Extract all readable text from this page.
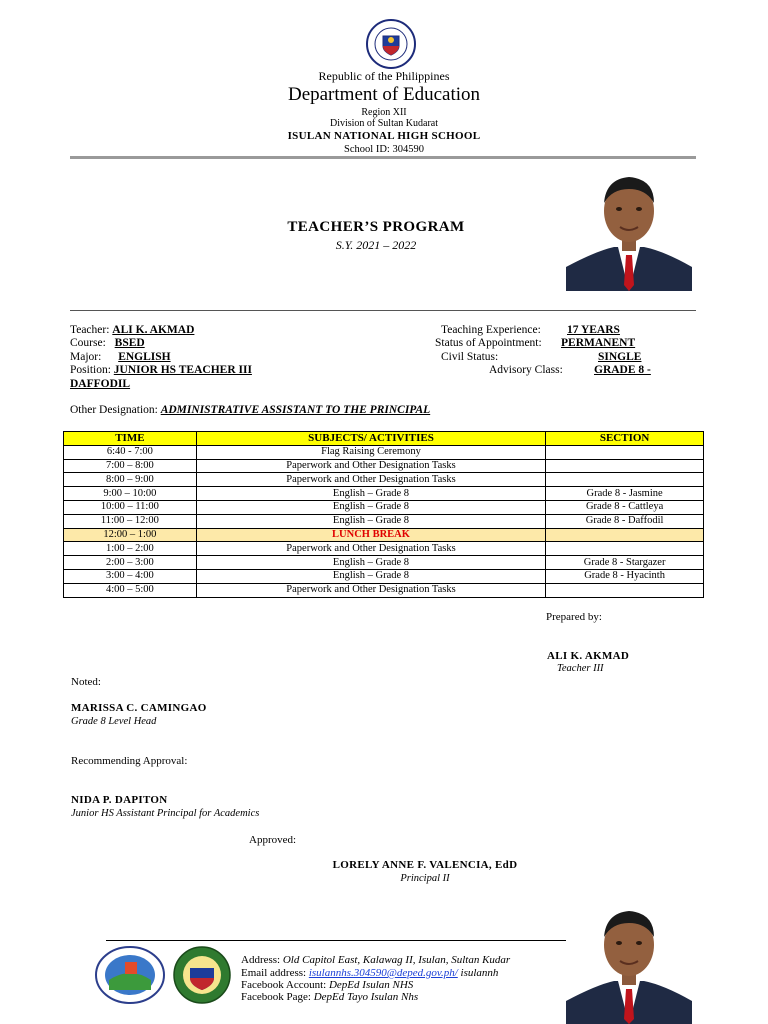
Republic of the Philippines
Department of Education
Region XII
Division of Sultan Kudarat
ISULAN NATIONAL HIGH SCHOOL
School ID: 304590
TEACHER’S PROGRAM
S.Y. 2021 – 2022
Teacher: ALI K. AKMAD
Course: BSED
Major: ENGLISH
Position: JUNIOR HS TEACHER III
DAFFODIL
Teaching Experience: 17 YEARS
Status of Appointment: PERMANENT
Civil Status:	SINGLE
Advisory Class:	GRADE 8 -
Other Designation: ADMINISTRATIVE ASSISTANT TO THE PRINCIPAL
TIME	SUBJECTS/ ACTIVITIES	SECTION
6:40 - 7:00	Flag Raising Ceremony	
7:00 – 8:00	Paperwork and Other Designation Tasks	
8:00 – 9:00	Paperwork and Other Designation Tasks	
9:00 – 10:00	English – Grade 8	Grade 8 - Jasmine
10:00 – 11:00	English – Grade 8	Grade 8 - Cattleya
11:00 – 12:00	English – Grade 8	Grade 8 - Daffodil
12:00 – 1:00	LUNCH BREAK	
1:00 – 2:00	Paperwork and Other Designation Tasks	
2:00 – 3:00	English – Grade 8	Grade 8 - Stargazer
3:00 – 4:00	English – Grade 8	Grade 8 - Hyacinth
4:00 – 5:00	Paperwork and Other Designation Tasks	
Prepared by:
ALI K. AKMAD
Teacher III
Noted:
MARISSA C. CAMINGAO
Grade 8 Level Head
Recommending Approval:
NIDA P. DAPITON
Junior HS Assistant Principal for Academics
Approved:
LORELY ANNE F. VALENCIA, EdD
Principal II
Address: Old Capitol East, Kalawag II, Isulan, Sultan Kudar
Email address: isulannhs.304590@deped.gov.ph/ isulannh
Facebook Account: DepEd Isulan NHS
Facebook Page: DepEd Tayo Isulan Nhs
